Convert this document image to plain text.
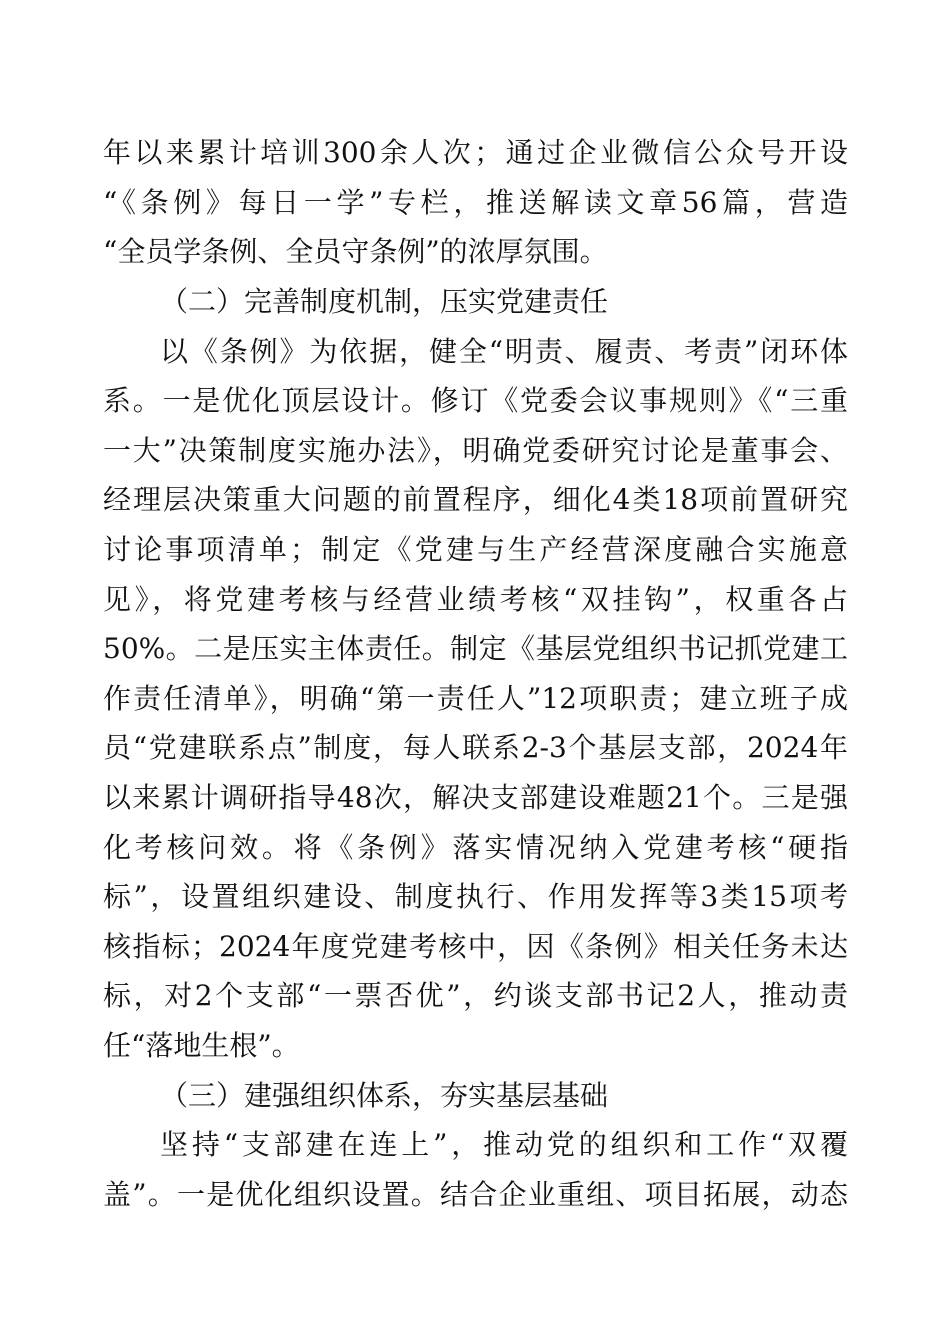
年以来累计培训300余人次；通过企业微信公众号开设
“《条例》每日一学”专栏，推送解读文章56篇，营造
“全员学条例、全员守条例”的浓厚氛围。
（二）完善制度机制，压实党建责任
以《条例》为依据，健全“明责、履责、考责”闭环体
系。一是优化顶层设计。修订《党委会议事规则》《“三重
一大”决策制度实施办法》，明确党委研究讨论是董事会、
经理层决策重大问题的前置程序，细化4类18项前置研究
讨论事项清单；制定《党建与生产经营深度融合实施意
见》，将党建考核与经营业绩考核“双挂钩”，权重各占
50%。二是压实主体责任。制定《基层党组织书记抓党建工
作责任清单》，明确“第一责任人”12项职责；建立班子成
员“党建联系点”制度，每人联系2-3个基层支部，2024年
以来累计调研指导48次，解决支部建设难题21个。三是强
化考核问效。将《条例》落实情况纳入党建考核“硬指
标”，设置组织建设、制度执行、作用发挥等3类15项考
核指标；2024年度党建考核中，因《条例》相关任务未达
标，对2个支部“一票否优”，约谈支部书记2人，推动责
任“落地生根”。
（三）建强组织体系，夯实基层基础
坚持“支部建在连上”，推动党的组织和工作“双覆
盖”。一是优化组织设置。结合企业重组、项目拓展，动态
